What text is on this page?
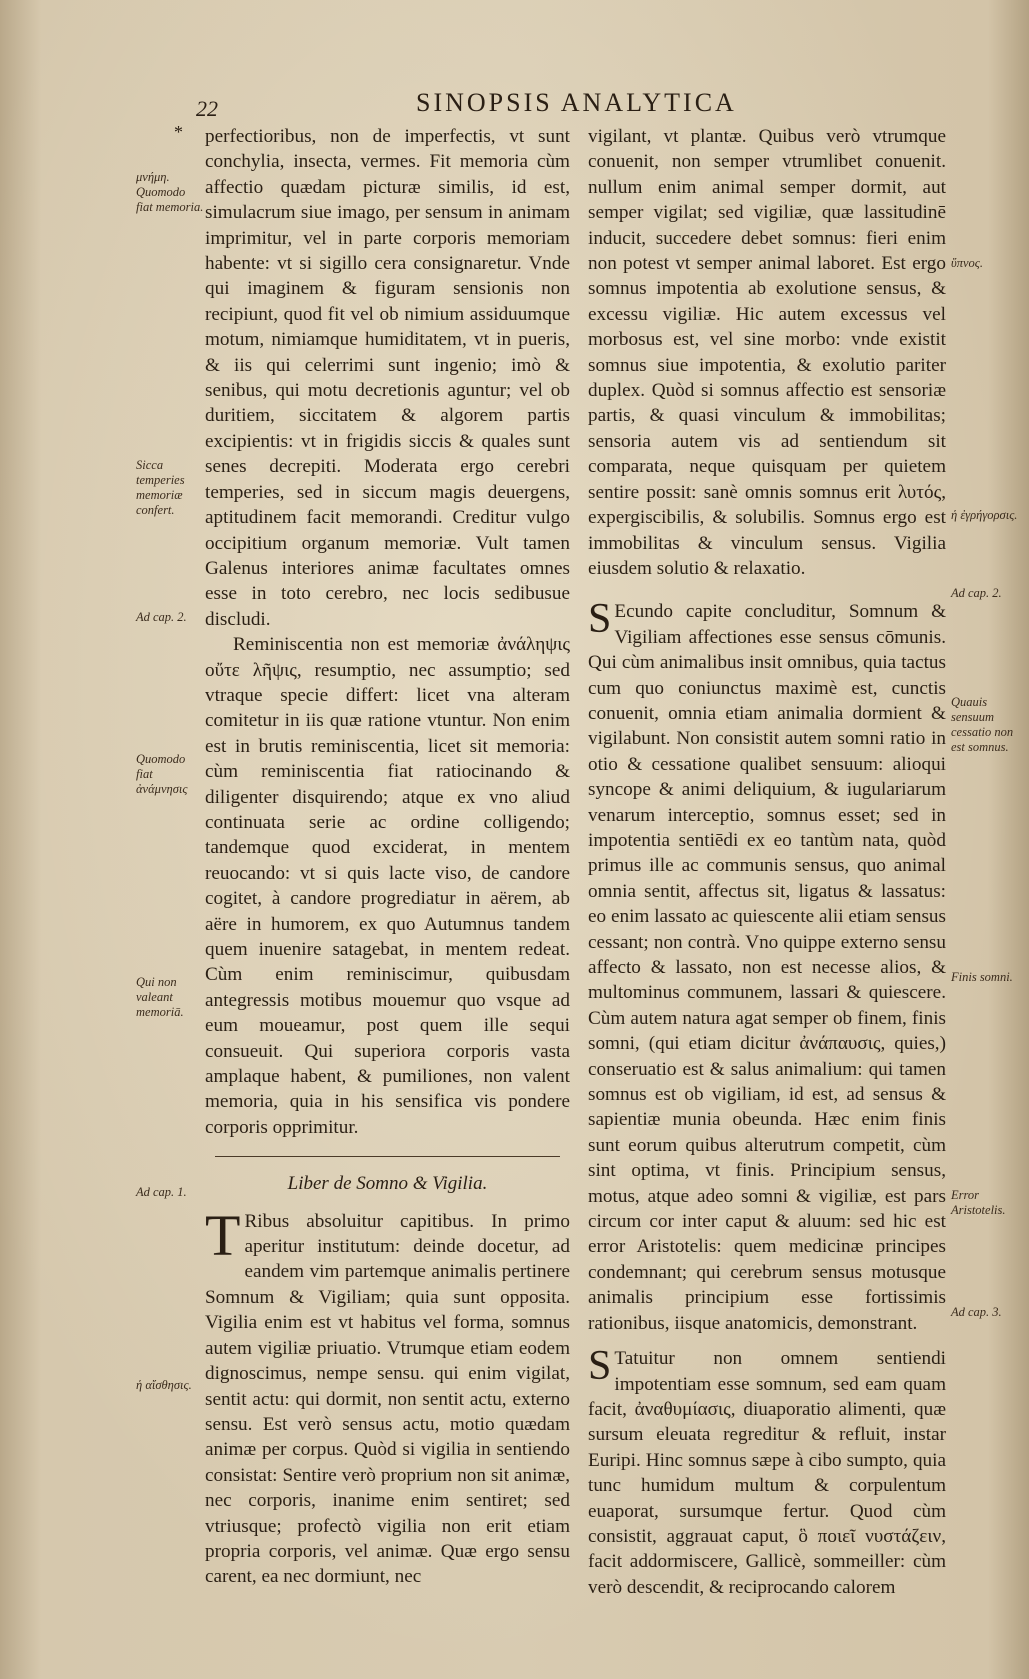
22	SINOPSIS ANALYTICA
*
μνήμη. Quomodo fiat memoria.
Sicca temperies memoriæ confert.
Ad cap. 2.
Quomodo fiat ἀνάμνησις
Qui non valeant memoriā.
Ad cap. 1.
ἡ αἴσθησις.
ὕπνος.
ἡ ἐγρήγορσις.
Ad cap. 2.
Quauis sensuum cessatio non est somnus.
Finis somni.
Error Aristotelis.
Ad cap. 3.

perfectioribus, non de imperfectis, vt sunt conchylia, insecta, vermes. Fit memoria cùm affectio quædam picturæ similis, id est, simulacrum siue imago, per sensum in animam imprimitur, vel in parte corporis memoriam habente: vt si sigillo cera consignaretur. Vnde qui imaginem & figuram sensionis non recipiunt, quod fit vel ob nimium assiduumque motum, nimiamque humiditatem, vt in pueris, & iis qui celerrimi sunt ingenio; imò & senibus, qui motu decretionis aguntur; vel ob duritiem, siccitatem & algorem partis excipientis: vt in frigidis siccis & quales sunt senes decrepiti. Moderata ergo cerebri temperies, sed in siccum magis deuergens, aptitudinem facit memorandi. Creditur vulgo occipitium organum memoriæ. Vult tamen Galenus interiores animæ facultates omnes esse in toto cerebro, nec locis sedibusue discludi.

Reminiscentia non est memoriæ ἀνάληψις οὔτε λῆψις, resumptio, nec assumptio; sed vtraque specie differt: licet vna alteram comitetur in iis quæ ratione vtuntur. Non enim est in brutis reminiscentia, licet sit memoria: cùm reminiscentia fiat ratiocinando & diligenter disquirendo; atque ex vno aliud continuata serie ac ordine colligendo; tandemque quod exciderat, in mentem reuocando: vt si quis lacte viso, de candore cogitet, à candore progrediatur in aërem, ab aëre in humorem, ex quo Autumnus tandem quem inuenire satagebat, in mentem redeat. Cùm enim reminiscimur, quibusdam antegressis motibus mouemur quo vsque ad eum moueamur, post quem ille sequi consueuit. Qui superiora corporis vasta amplaque habent, & pumiliones, non valent memoria, quia in his sensifica vis pondere corporis opprimitur.

Liber de Somno & Vigilia.

T Ribus absoluitur capitibus. In primo aperitur institutum: deinde docetur, ad eandem vim partemque animalis pertinere Somnum & Vigiliam; quia sunt opposita. Vigilia enim est vt habitus vel forma, somnus autem vigiliæ priuatio. Vtrumque etiam eodem dignoscimus, nempe sensu. qui enim vigilat, sentit actu: qui dormit, non sentit actu, externo sensu. Est verò sensus actu, motio quædam animæ per corpus. Quòd si vigilia in sentiendo consistat: Sentire verò proprium non sit animæ, nec corporis, inanime enim sentiret; sed vtriusque; profectò vigilia non erit etiam propria corporis, vel animæ. Quæ ergo sensu carent, ea nec dormiunt, nec

vigilant, vt plantæ. Quibus verò vtrumque conuenit, non semper vtrumlibet conuenit. nullum enim animal semper dormit, aut semper vigilat; sed vigiliæ, quæ lassitudinē inducit, succedere debet somnus: fieri enim non potest vt semper animal laboret. Est ergo somnus impotentia ab exolutione sensus, & excessu vigiliæ. Hic autem excessus vel morbosus est, vel sine morbo: vnde existit somnus siue impotentia, & exolutio pariter duplex. Quòd si somnus affectio est sensoriæ partis, & quasi vinculum & immobilitas; sensoria autem vis ad sentiendum sit comparata, neque quisquam per quietem sentire possit: sanè omnis somnus erit λυτός, expergiscibilis, & solubilis. Somnus ergo est immobilitas & vinculum sensus. Vigilia eiusdem solutio & relaxatio.

S Ecundo capite concluditur, Somnum & Vigiliam affectiones esse sensus cōmunis. Qui cùm animalibus insit omnibus, quia tactus cum quo coniunctus maximè est, cunctis conuenit, omnia etiam animalia dormient & vigilabunt. Non consistit autem somni ratio in otio & cessatione qualibet sensuum: alioqui syncope & animi deliquium, & iugulariarum venarum interceptio, somnus esset; sed in impotentia sentiēdi ex eo tantùm nata, quòd primus ille ac communis sensus, quo animal omnia sentit, affectus sit, ligatus & lassatus: eo enim lassato ac quiescente alii etiam sensus cessant; non contrà. Vno quippe externo sensu affecto & lassato, non est necesse alios, & multominus communem, lassari & quiescere. Cùm autem natura agat semper ob finem, finis somni, (qui etiam dicitur ἀνάπαυσις, quies,) conseruatio est & salus animalium: qui tamen somnus est ob vigiliam, id est, ad sensus & sapientiæ munia obeunda. Hæc enim finis sunt eorum quibus alterutrum competit, cùm sint optima, vt finis. Principium sensus, motus, atque adeo somni & vigiliæ, est pars circum cor inter caput & aluum: sed hic est error Aristotelis: quem medicinæ principes condemnant; qui cerebrum sensus motusque animalis principium esse fortissimis rationibus, iisque anatomicis, demonstrant.

S Tatuitur non omnem sentiendi impotentiam esse somnum, sed eam quam facit, ἀναθυμίασις, diuaporatio alimenti, quæ sursum eleuata regreditur & refluit, instar Euripi. Hinc somnus sæpe à cibo sumpto, quia tunc humidum multum & corpulentum euaporat, sursumque fertur. Quod cùm consistit, aggrauat caput, ὃ ποιεῖ νυστάζειν, facit addormiscere, Gallicè, sommeiller: cùm verò descendit, & reciprocando calorem
